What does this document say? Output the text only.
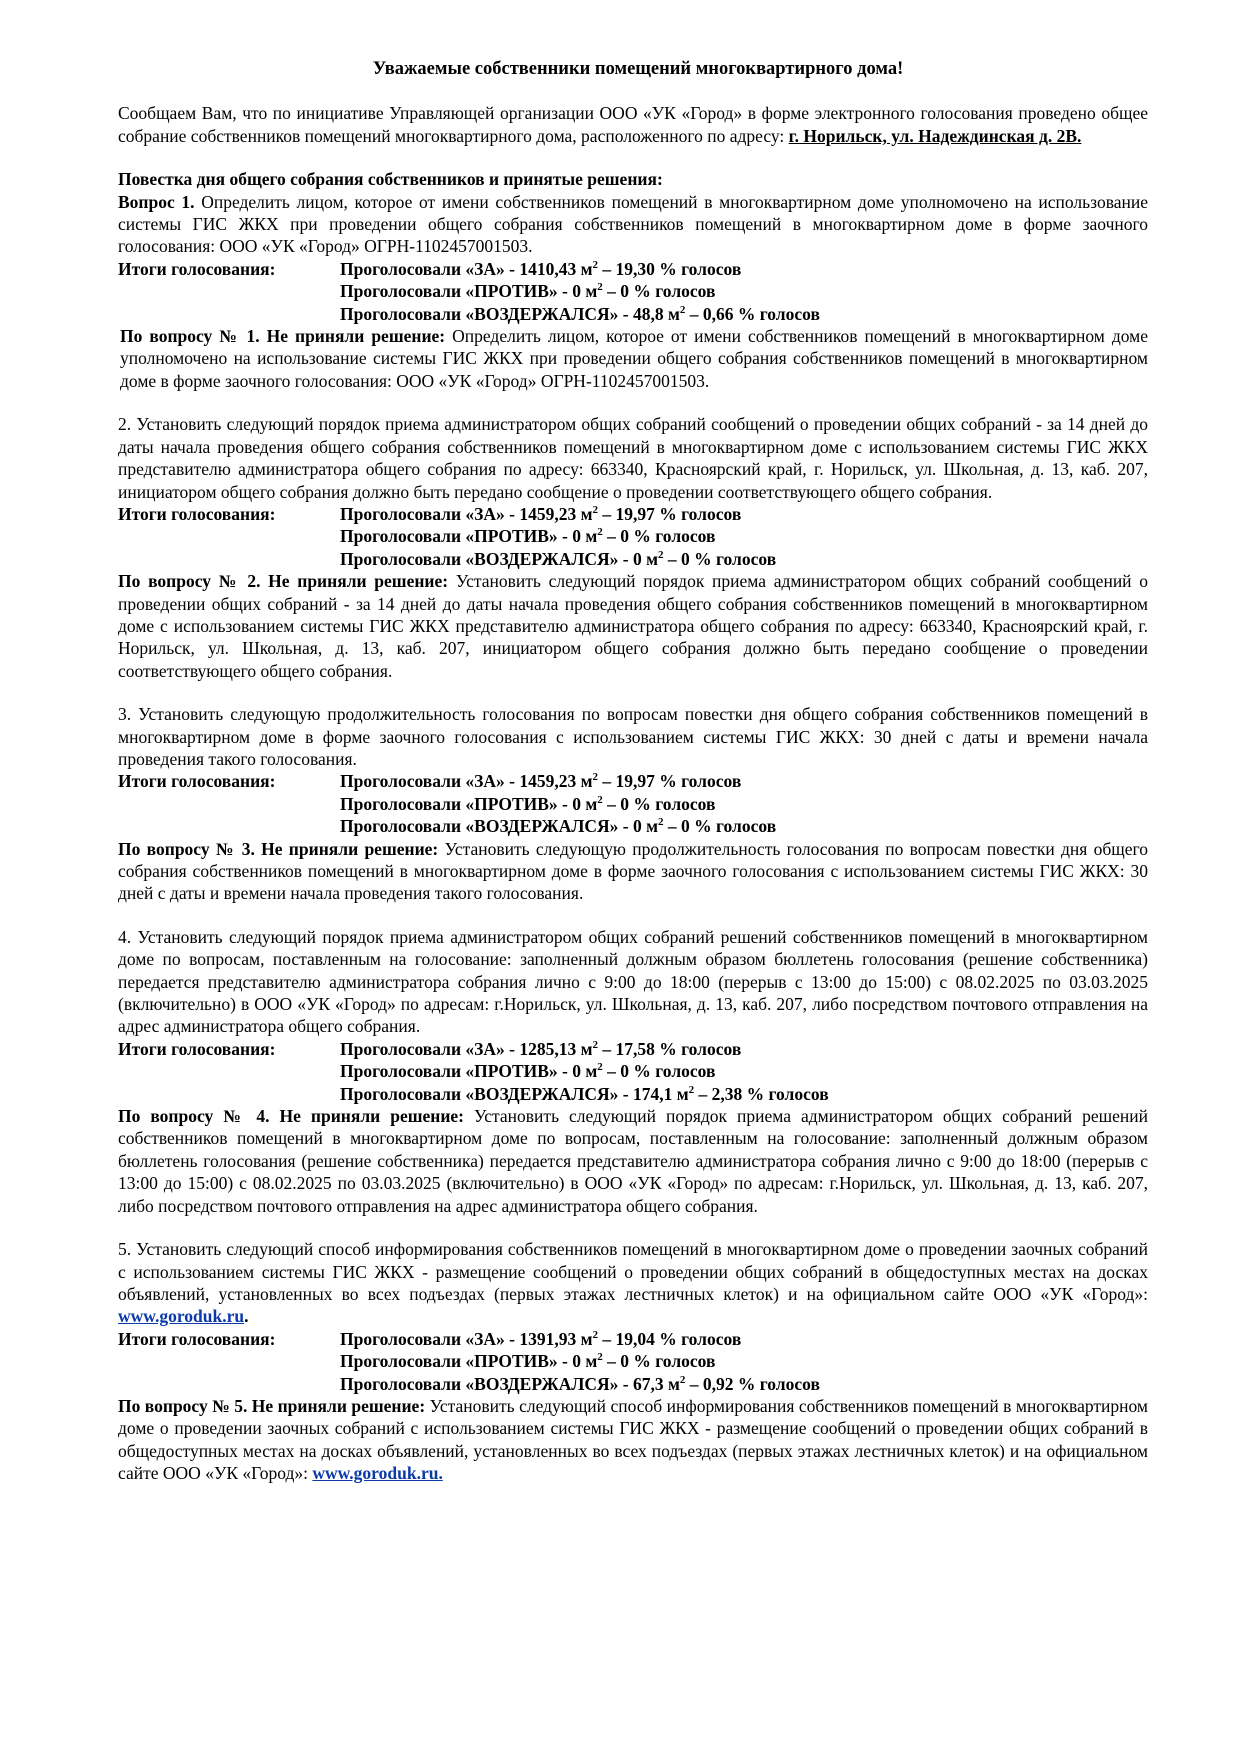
Уважаемые собственники помещений многоквартирного дома!

Сообщаем Вам, что по инициативе Управляющей организации ООО «УК «Город» в форме электронного голосования проведено общее собрание собственников помещений многоквартирного дома, расположенного по адресу: г. Норильск, ул. Надеждинская д. 2В.

Повестка дня общего собрания собственников и принятые решения:

Вопрос 1. Определить лицом, которое от имени собственников помещений в многоквартирном доме уполномочено на использование системы ГИС ЖКХ при проведении общего собрания собственников помещений в многоквартирном доме в форме заочного голосования: ООО «УК «Город» ОГРН-1102457001503.

Итоги голосования:	Проголосовали «ЗА» - 1410,43 $м^2 - 19,30$ % голосов
Проголосовали «ПРОТИВ» - 0 $м^2 - 0$ % голосов
Проголосовали «ВОЗДЕРЖАЛСЯ» - 48,8 $м^2 - 0,66$ % голосов

По вопросу № 1. Не приняли решение: Определить лицом, которое от имени собственников помещений в многоквартирном доме уполномочено на использование системы ГИС ЖКХ при проведении общего собрания собственников помещений в многоквартирном доме в форме заочного голосования: ООО «УК «Город» ОГРН-1102457001503.

2. Установить следующий порядок приема администратором общих собраний сообщений о проведении общих собраний - за 14 дней до даты начала проведения общего собрания собственников помещений в многоквартирном доме с использованием системы ГИС ЖКХ представителю администратора общего собрания по адресу: 663340, Красноярский край, г. Норильск, ул. Школьная, д. 13, каб. 207, инициатором общего собрания должно быть передано сообщение о проведении соответствующего общего собрания.

Итоги голосования:	Проголосовали «ЗА» - 1459,23 $м^2 - 19,97$ % голосов
Проголосовали «ПРОТИВ» - 0 $м^2 - 0$ % голосов
Проголосовали «ВОЗДЕРЖАЛСЯ» - 0 $м^2 - 0$ % голосов

По вопросу № 2. Не приняли решение: Установить следующий порядок приема администратором общих собраний сообщений о проведении общих собраний - за 14 дней до даты начала проведения общего собрания собственников помещений в многоквартирном доме с использованием системы ГИС ЖКХ представителю администратора общего собрания по адресу: 663340, Красноярский край, г. Норильск, ул. Школьная, д. 13, каб. 207, инициатором общего собрания должно быть передано сообщение о проведении соответствующего общего собрания.

3. Установить следующую продолжительность голосования по вопросам повестки дня общего собрания собственников помещений в многоквартирном доме в форме заочного голосования с использованием системы ГИС ЖКХ: 30 дней с даты и времени начала проведения такого голосования.

Итоги голосования:	Проголосовали «ЗА» - 1459,23 $м^2 - 19,97$ % голосов
Проголосовали «ПРОТИВ» - 0 $м^2 - 0$ % голосов
Проголосовали «ВОЗДЕРЖАЛСЯ» - 0 $м^2 - 0$ % голосов

По вопросу № 3. Не приняли решение: Установить следующую продолжительность голосования по вопросам повестки дня общего собрания собственников помещений в многоквартирном доме в форме заочного голосования с использованием системы ГИС ЖКХ: 30 дней с даты и времени начала проведения такого голосования.

4. Установить следующий порядок приема администратором общих собраний решений собственников помещений в многоквартирном доме по вопросам, поставленным на голосование: заполненный должным образом бюллетень голосования (решение собственника) передается представителю администратора собрания лично с 9:00 до 18:00 (перерыв с 13:00 до 15:00) с 08.02.2025 по 03.03.2025 (включительно) в ООО «УК «Город» по адресам: г.Норильск, ул. Школьная, д. 13, каб. 207, либо посредством почтового отправления на адрес администратора общего собрания.

Итоги голосования:	Проголосовали «ЗА» - 1285,13 $м^2 - 17,58$ % голосов
Проголосовали «ПРОТИВ» - 0 $м^2 - 0$ % голосов
Проголосовали «ВОЗДЕРЖАЛСЯ» - 174,1 $м^2 - 2,38$ % голосов

По вопросу № 4. Не приняли решение: Установить следующий порядок приема администратором общих собраний решений собственников помещений в многоквартирном доме по вопросам, поставленным на голосование: заполненный должным образом бюллетень голосования (решение собственника) передается представителю администратора собрания лично с 9:00 до 18:00 (перерыв с 13:00 до 15:00) с 08.02.2025 по 03.03.2025 (включительно) в ООО «УК «Город» по адресам: г.Норильск, ул. Школьная, д. 13, каб. 207, либо посредством почтового отправления на адрес администратора общего собрания.

5. Установить следующий способ информирования собственников помещений в многоквартирном доме о проведении заочных собраний с использованием системы ГИС ЖКХ - размещение сообщений о проведении общих собраний в общедоступных местах на досках объявлений, установленных во всех подъездах (первых этажах лестничных клеток) и на официальном сайте ООО «УК «Город»: www.goroduk.ru.

Итоги голосования:	Проголосовали «ЗА» - 1391,93 $м^2 - 19,04$ % голосов
Проголосовали «ПРОТИВ» - 0 $м^2 - 0$ % голосов
Проголосовали «ВОЗДЕРЖАЛСЯ» - 67,3 $м^2 - 0,92$ % голосов

По вопросу № 5. Не приняли решение: Установить следующий способ информирования собственников помещений в многоквартирном доме о проведении заочных собраний с использованием системы ГИС ЖКХ - размещение сообщений о проведении общих собраний в общедоступных местах на досках объявлений, установленных во всех подъездах (первых этажах лестничных клеток) и на официальном сайте ООО «УК «Город»: www.goroduk.ru.
